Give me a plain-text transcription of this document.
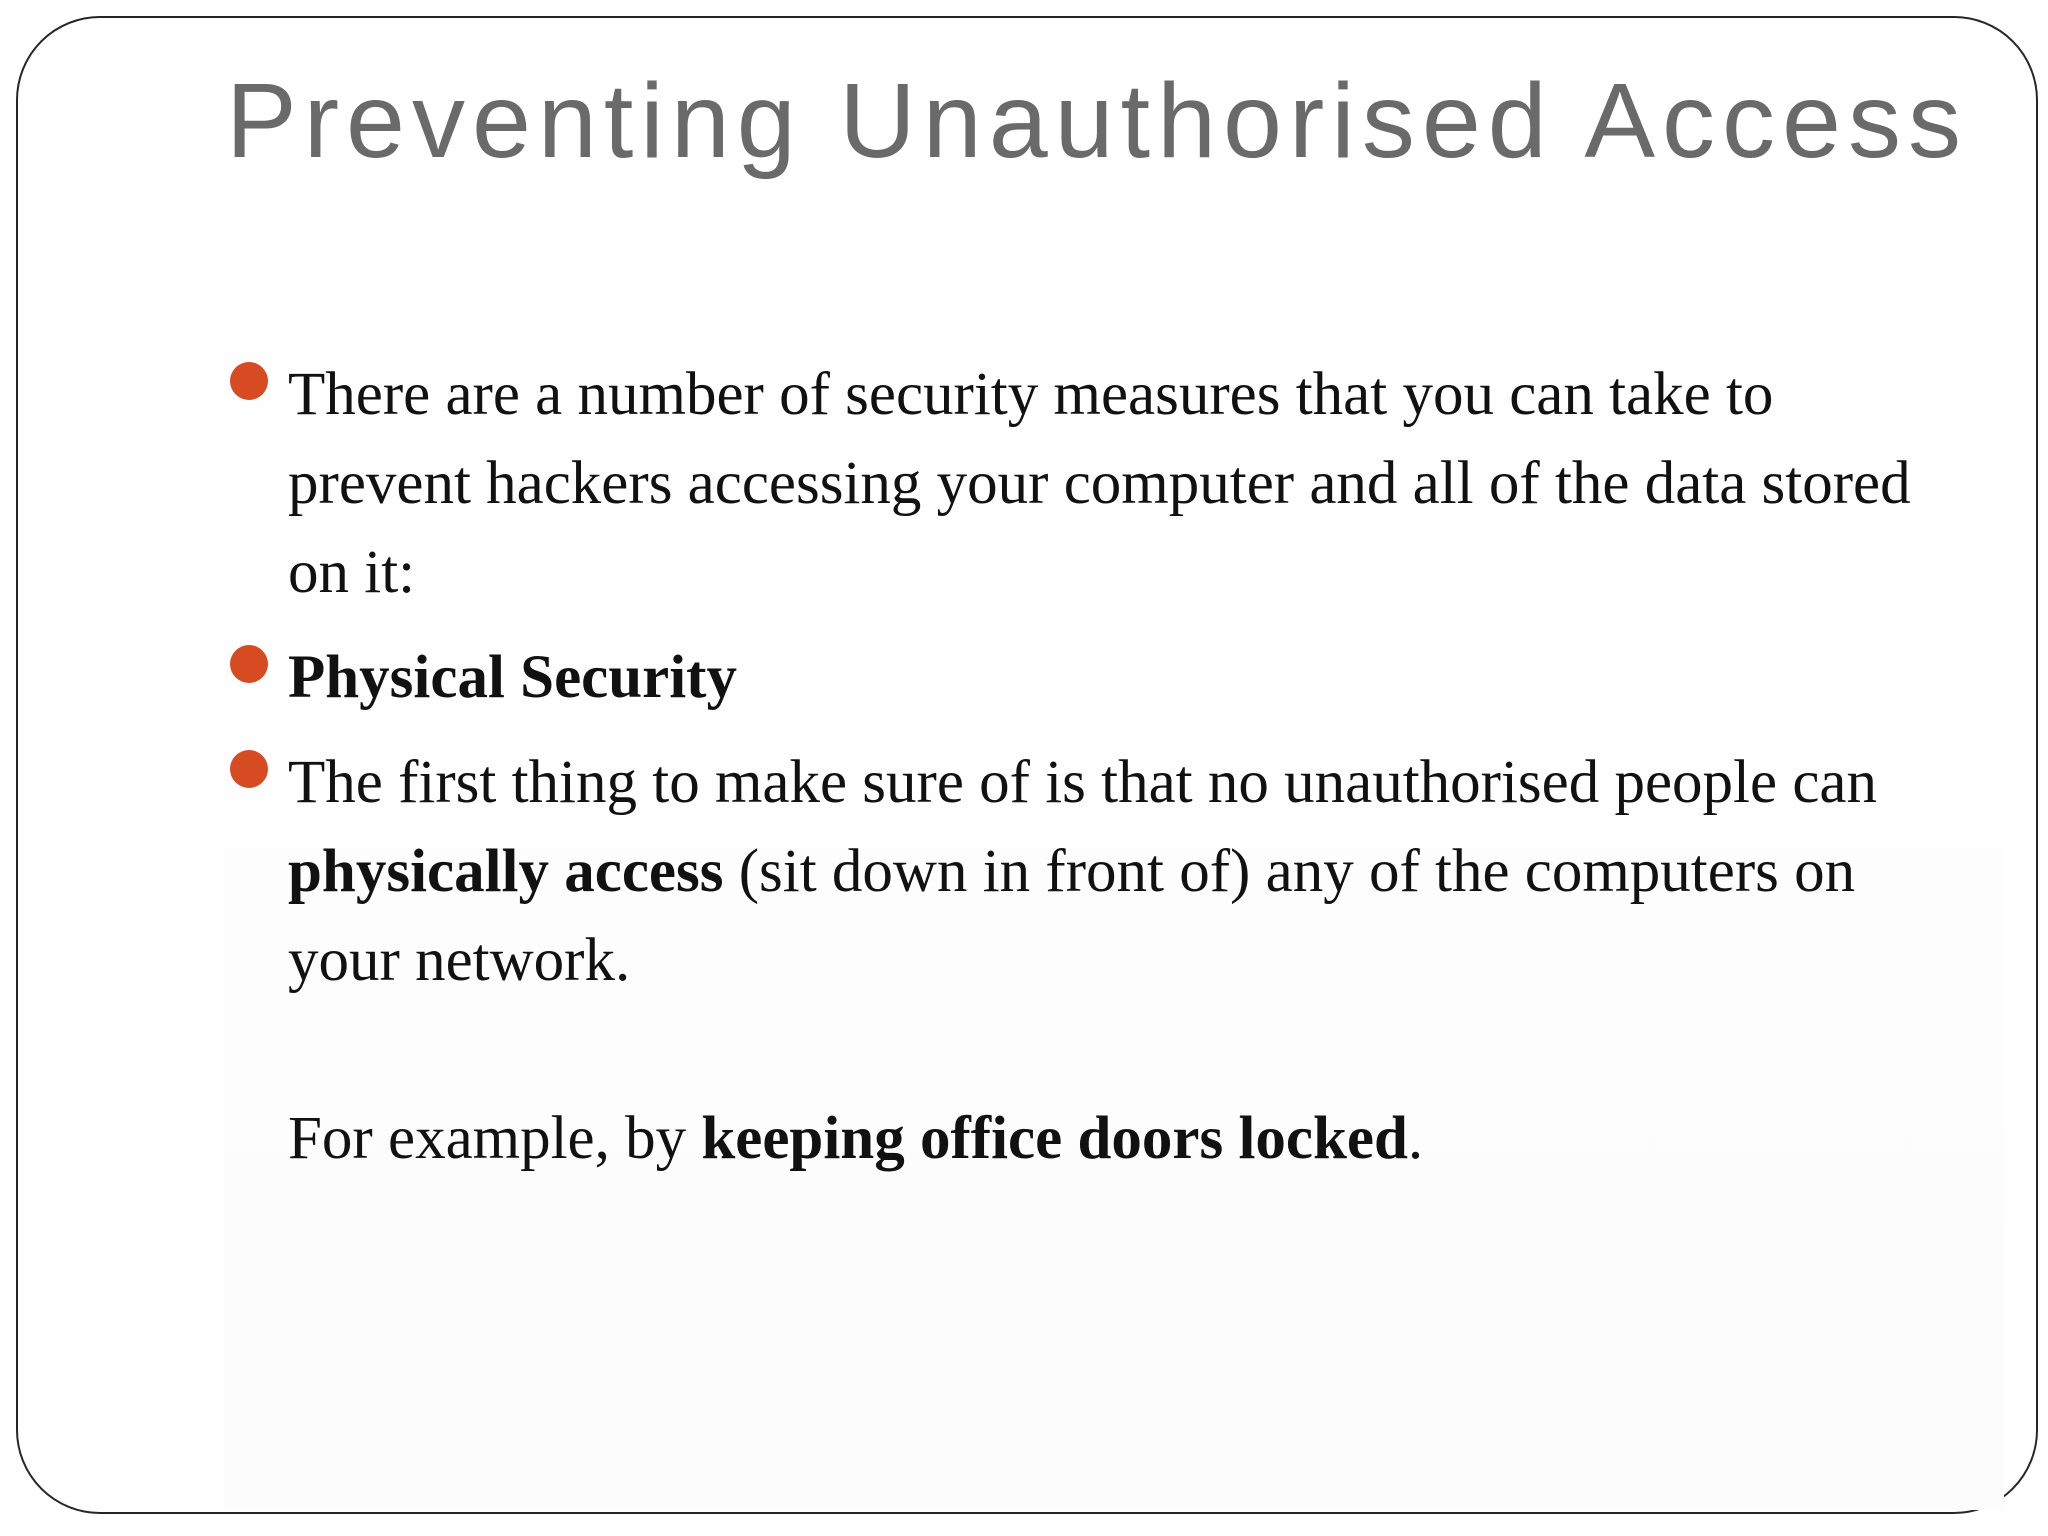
Preventing Unauthorised Access
There are a number of security measures that you can take to prevent hackers accessing your computer and all of the data stored on it:
Physical Security
The first thing to make sure of is that no unauthorised people can physically access (sit down in front of) any of the computers on your network.
For example, by keeping office doors locked.
